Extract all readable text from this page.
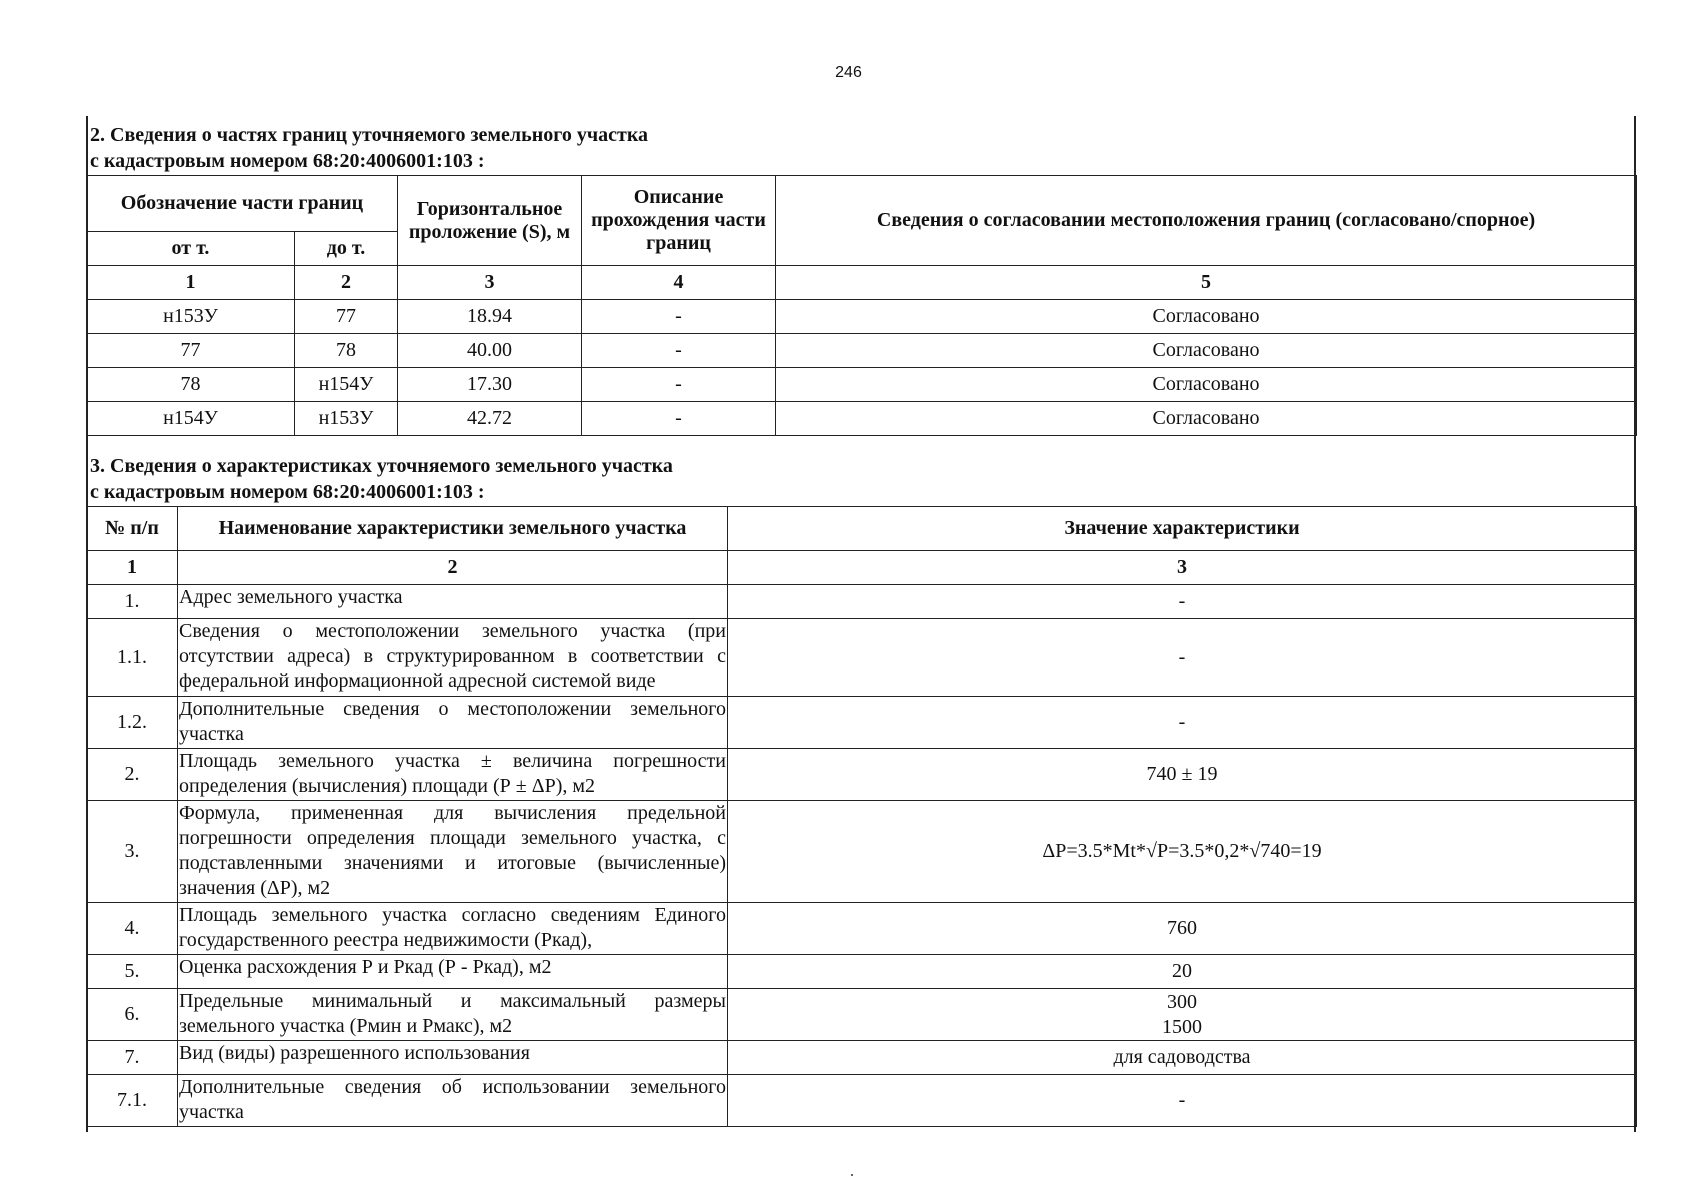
246
2. Сведения о частях границ уточняемого земельного участка
с кадастровым номером 68:20:4006001:103 :
Обозначение части границ		Горизонтальное проложение (S), м	Описание прохождения части границ	Сведения о согласовании местоположения границ (согласовано/спорное)
от т.	до т.			
1	2	3	4	5
н153У	77	18.94	-	Согласовано
77	78	40.00	-	Согласовано
78	н154У	17.30	-	Согласовано
н154У	н153У	42.72	-	Согласовано
3. Сведения о характеристиках уточняемого земельного участка
с кадастровым номером 68:20:4006001:103 :
№ п/п	Наименование характеристики земельного участка	Значение характеристики
1	2	3
1.	Адрес земельного участка	-
1.1.	Сведения о местоположении земельного участка (при отсутствии адреса) в структурированном в соответствии с федеральной информационной адресной системой виде	-
1.2.	Дополнительные сведения о местоположении земельного участка	-
2.	Площадь земельного участка ± величина погрешности определения (вычисления) площади (Р ± ΔР), м2	740 ± 19
3.	Формула, примененная для вычисления предельной погрешности определения площади земельного участка, с подставленными значениями и итоговые (вычисленные) значения (ΔР), м2	ΔР=3.5*Mt*√Р=3.5*0,2*√740=19
4.	Площадь земельного участка согласно сведениям Единого государственного реестра недвижимости (Ркад),	760
5.	Оценка расхождения Р и Ркад (Р - Ркад), м2	20
6.	Предельные минимальный и максимальный размеры земельного участка (Рмин и Рмакс), м2	300
1500

7.	Вид (виды) разрешенного использования	для садоводства
7.1.	Дополнительные сведения об использовании земельного участка	-
